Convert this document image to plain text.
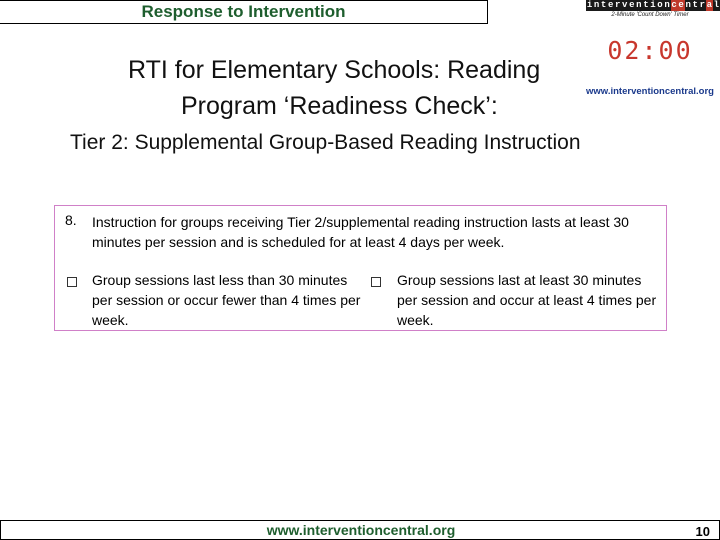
Response to Intervention	i n t e r v e n t i o n c e n t r a l
2-Minute 'Count Down' Timer
02:00
www.interventioncentral.org
RTI for Elementary Schools: Reading
Program ‘Readiness Check’:
Tier 2: Supplemental Group-Based Reading Instruction
8. Instruction for groups receiving Tier 2/supplemental reading instruction lasts at least 30 minutes per session and is scheduled for at least 4 days per week.
Group sessions last less than 30 minutes per session or occur fewer than 4 times per week.
Group sessions last at least 30 minutes per session and occur at least 4 times per week.
www.interventioncentral.org	10
